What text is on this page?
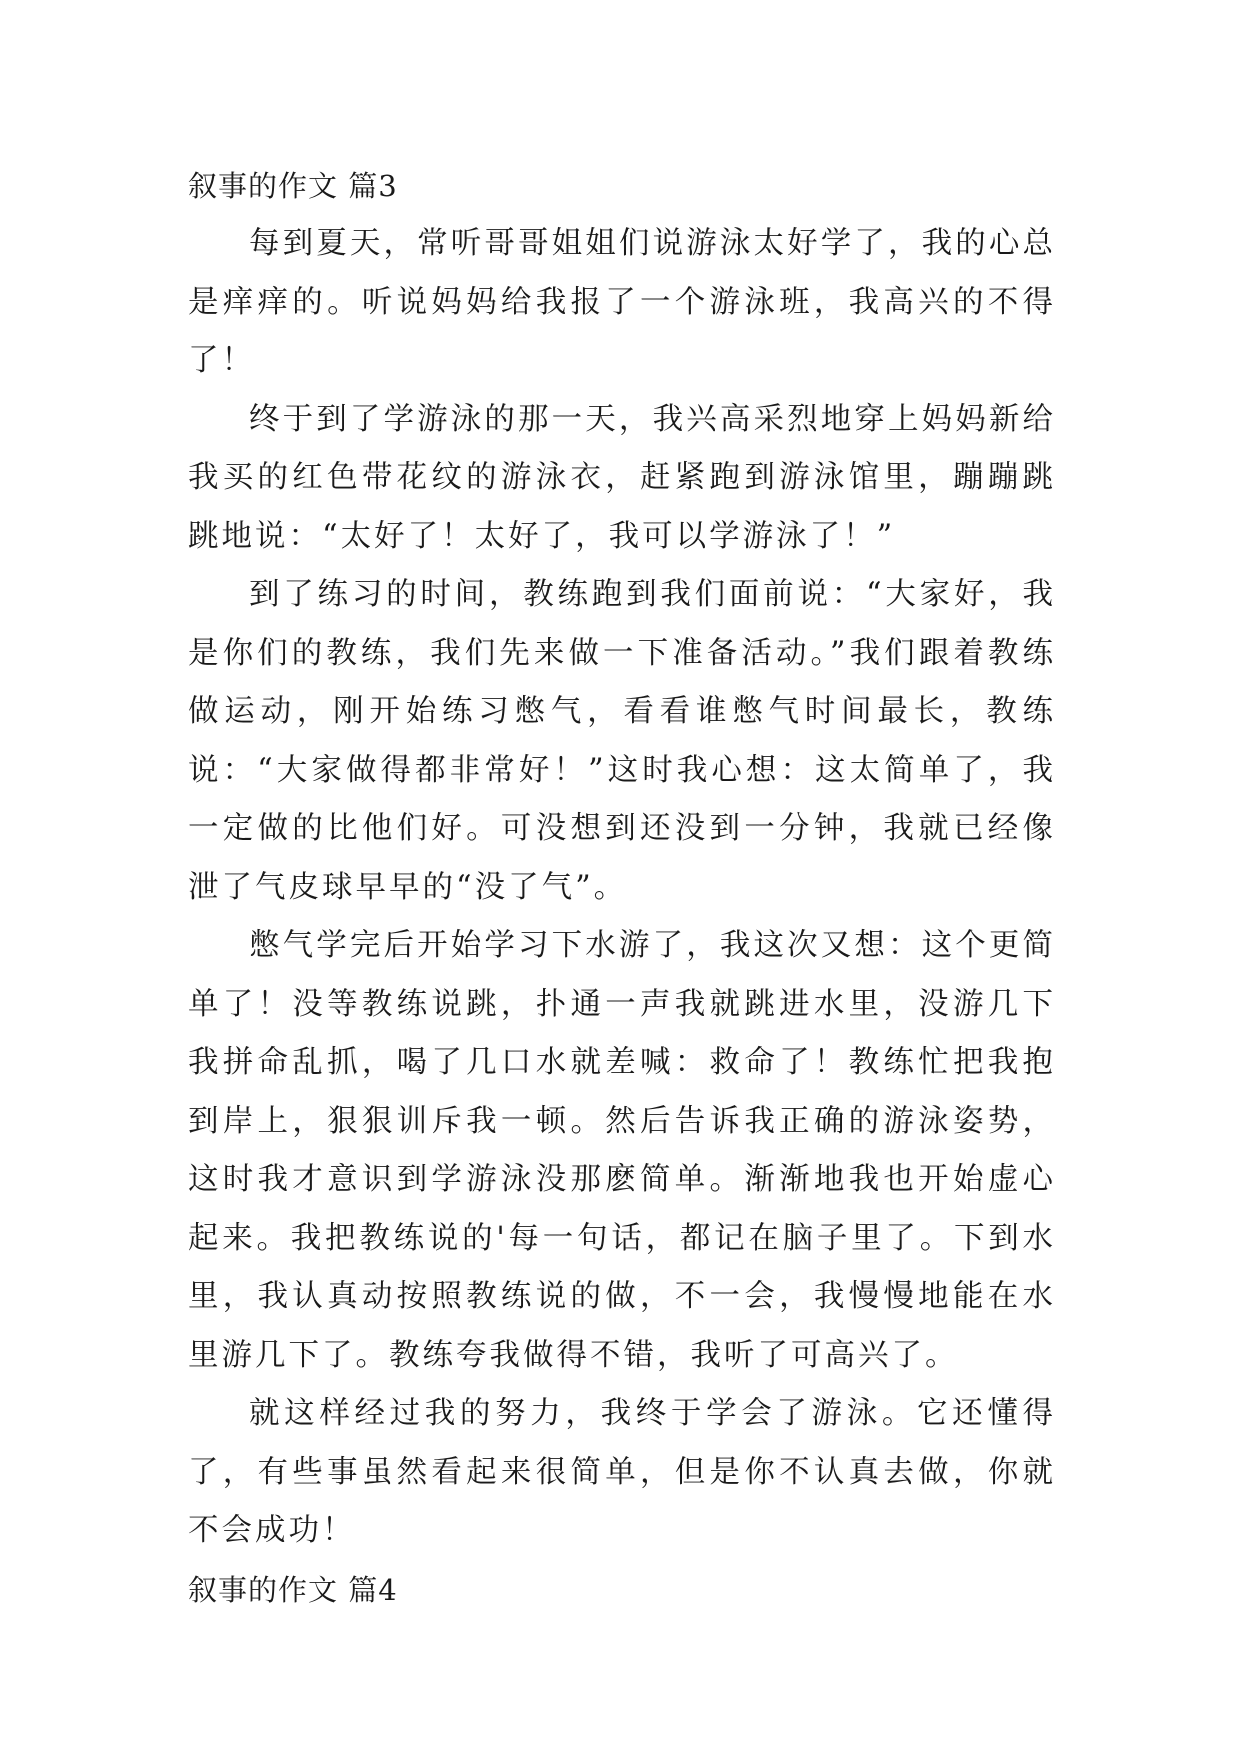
叙事的作文 篇3

每到夏天，常听哥哥姐姐们说游泳太好学了，我的心总是痒痒的。听说妈妈给我报了一个游泳班，我高兴的不得了！

终于到了学游泳的那一天，我兴高采烈地穿上妈妈新给我买的红色带花纹的游泳衣，赶紧跑到游泳馆里，蹦蹦跳跳地说：“太好了！太好了，我可以学游泳了！”

到了练习的时间，教练跑到我们面前说：“大家好，我是你们的教练，我们先来做一下准备活动。”我们跟着教练做运动，刚开始练习憋气，看看谁憋气时间最长，教练说：“大家做得都非常好！”这时我心想：这太简单了，我一定做的比他们好。可没想到还没到一分钟，我就已经像泄了气皮球早早的“没了气”。

憋气学完后开始学习下水游了，我这次又想：这个更简单了！没等教练说跳，扑通一声我就跳进水里，没游几下我拼命乱抓，喝了几口水就差喊：救命了！教练忙把我抱到岸上，狠狠训斥我一顿。然后告诉我正确的游泳姿势，这时我才意识到学游泳没那麽简单。渐渐地我也开始虚心起来。我把教练说的'每一句话，都记在脑子里了。下到水里，我认真动按照教练说的做，不一会，我慢慢地能在水里游几下了。教练夸我做得不错，我听了可高兴了。

就这样经过我的努力，我终于学会了游泳。它还懂得了，有些事虽然看起来很简单，但是你不认真去做，你就不会成功！

叙事的作文 篇4
